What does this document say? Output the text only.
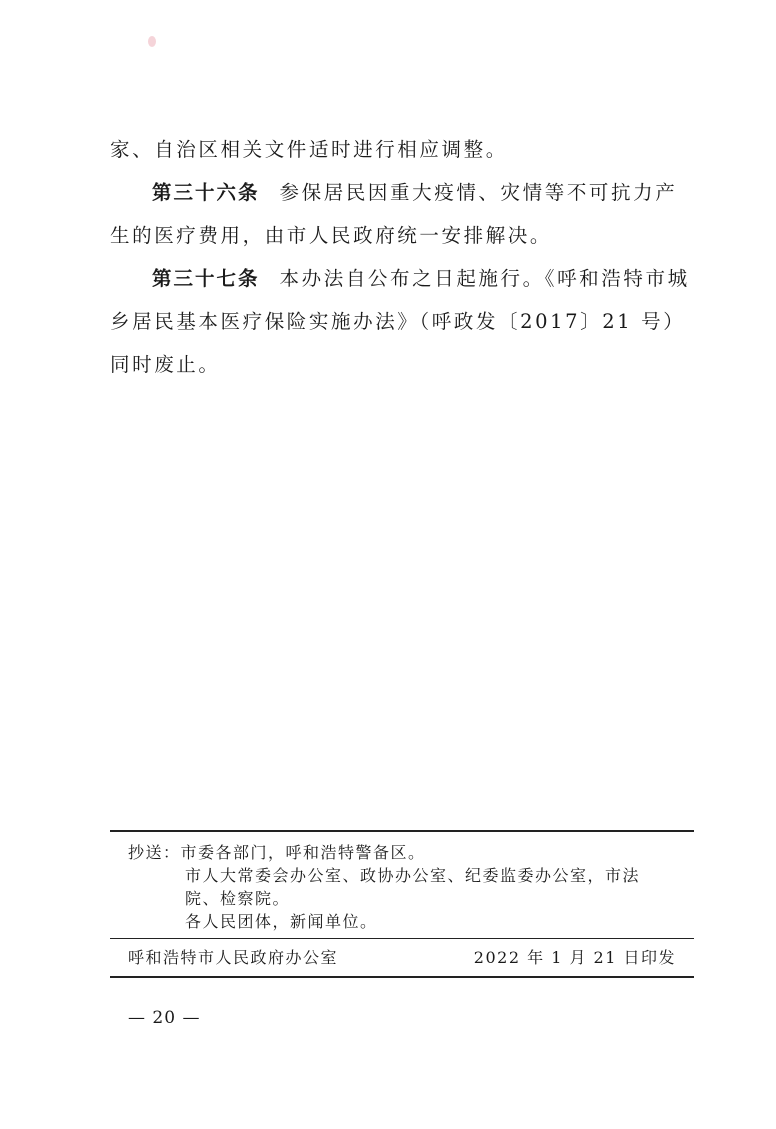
家、自治区相关文件适时进行相应调整。

第三十六条 参保居民因重大疫情、灾情等不可抗力产生的医疗费用，由市人民政府统一安排解决。

第三十七条 本办法自公布之日起施行。《呼和浩特市城乡居民基本医疗保险实施办法》（呼政发〔2017〕21 号）同时废止。

抄送：市委各部门，呼和浩特警备区。

市人大常委会办公室、政协办公室、纪委监委办公室，市法

院、检察院。

各人民团体，新闻单位。

呼和浩特市人民政府办公室	2022 年 1 月 21 日印发
— 20 —
